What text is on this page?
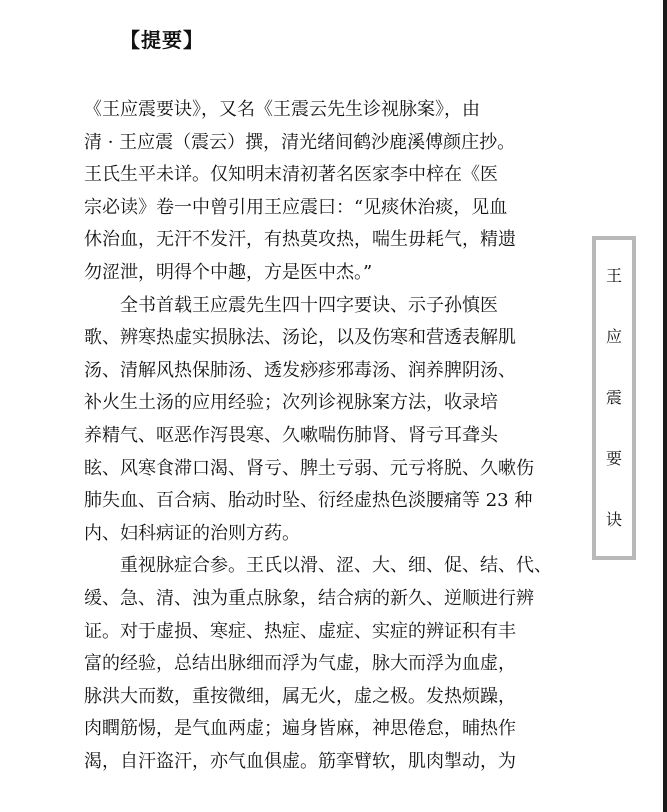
【提要】
《王应震要诀》，又名《王震云先生诊视脉案》，由
清 · 王应震（震云）撰，清光绪间鹤沙鹿溪傅颜庄抄。
王氏生平未详。仅知明末清初著名医家李中梓在《医
宗必读》卷一中曾引用王应震曰：“见痰休治痰，见血
休治血，无汗不发汗，有热莫攻热，喘生毋耗气，精遗
勿涩泄，明得个中趣，方是医中杰。”
　　全书首载王应震先生四十四字要诀、示子孙慎医
歌、辨寒热虚实损脉法、汤论，以及伤寒和营透表解肌
汤、清解风热保肺汤、透发痧疹邪毒汤、润养脾阴汤、
补火生土汤的应用经验；次列诊视脉案方法，收录培
养精气、呕恶作泻畏寒、久嗽喘伤肺肾、肾亏耳聋头
眩、风寒食滞口渴、肾亏、脾土亏弱、元亏将脱、久嗽伤
肺失血、百合病、胎动时坠、衍经虚热色淡腰痛等 23 种
内、妇科病证的治则方药。
　　重视脉症合参。王氏以滑、涩、大、细、促、结、代、
缓、急、清、浊为重点脉象，结合病的新久、逆顺进行辨
证。对于虚损、寒症、热症、虚症、实症的辨证积有丰
富的经验，总结出脉细而浮为气虚，脉大而浮为血虚，
脉洪大而数，重按微细，属无火，虚之极。发热烦躁，
肉瞤筋惕，是气血两虚；遍身皆麻，神思倦怠，晡热作
渴，自汗盗汗，亦气血俱虚。筋挛臂软，肌肉掣动，为
王
应
震
要
诀
